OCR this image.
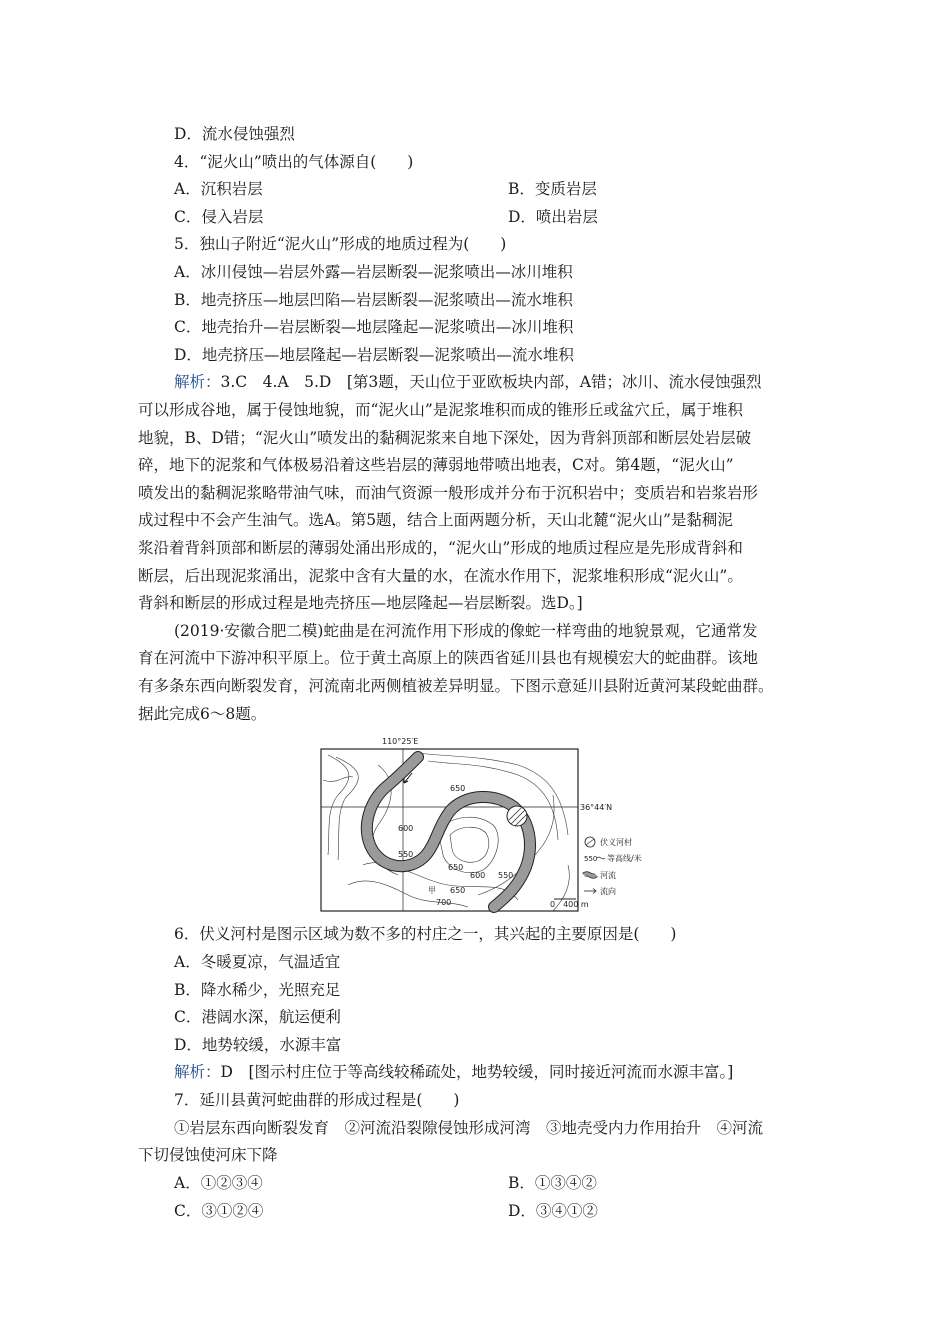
D．流水侵蚀强烈
4．“泥火山”喷出的气体源自(　　)
A．沉积岩层	B．变质岩层
C．侵入岩层	D．喷出岩层
5．独山子附近“泥火山”形成的地质过程为(　　)
A．冰川侵蚀—岩层外露—岩层断裂—泥浆喷出—冰川堆积
B．地壳挤压—地层凹陷—岩层断裂—泥浆喷出—流水堆积
C．地壳抬升—岩层断裂—地层隆起—泥浆喷出—冰川堆积
D．地壳挤压—地层隆起—岩层断裂—泥浆喷出—流水堆积
解析：3.C　4.A　5.D　[第3题，天山位于亚欧板块内部，A错；冰川、流水侵蚀强烈
可以形成谷地，属于侵蚀地貌，而“泥火山”是泥浆堆积而成的锥形丘或盆穴丘，属于堆积
地貌，B、D错；“泥火山”喷发出的黏稠泥浆来自地下深处，因为背斜顶部和断层处岩层破
碎，地下的泥浆和气体极易沿着这些岩层的薄弱地带喷出地表，C对。第4题，“泥火山”
喷发出的黏稠泥浆略带油气味，而油气资源一般形成并分布于沉积岩中；变质岩和岩浆岩形
成过程中不会产生油气。选A。第5题，结合上面两题分析，天山北麓“泥火山”是黏稠泥
浆沿着背斜顶部和断层的薄弱处涌出形成的，“泥火山”形成的地质过程应是先形成背斜和
断层，后出现泥浆涌出，泥浆中含有大量的水，在流水作用下，泥浆堆积形成“泥火山”。
背斜和断层的形成过程是地壳挤压—地层隆起—岩层断裂。选D。]
(2019·安徽合肥二模)蛇曲是在河流作用下形成的像蛇一样弯曲的地貌景观，它通常发
育在河流中下游冲积平原上。位于黄土高原上的陕西省延川县也有规模宏大的蛇曲群。该地
有多条东西向断裂发育，河流南北两侧植被差异明显。下图示意延川县附近黄河某段蛇曲群。
据此完成6～8题。
110°25′E
36°44′N
650
600
550
650
600 550
650
700
甲
0　400 m
伏义河村
550 等高线/米
河流
流向
6．伏义河村是图示区域为数不多的村庄之一，其兴起的主要原因是(　　)
A．冬暖夏凉，气温适宜
B．降水稀少，光照充足
C．港阔水深，航运便利
D．地势较缓，水源丰富
解析：D　[图示村庄位于等高线较稀疏处，地势较缓，同时接近河流而水源丰富。]
7．延川县黄河蛇曲群的形成过程是(　　)
①岩层东西向断裂发育　②河流沿裂隙侵蚀形成河湾　③地壳受内力作用抬升　④河流
下切侵蚀使河床下降
A．①②③④	B．①③④②
C．③①②④	D．③④①②
